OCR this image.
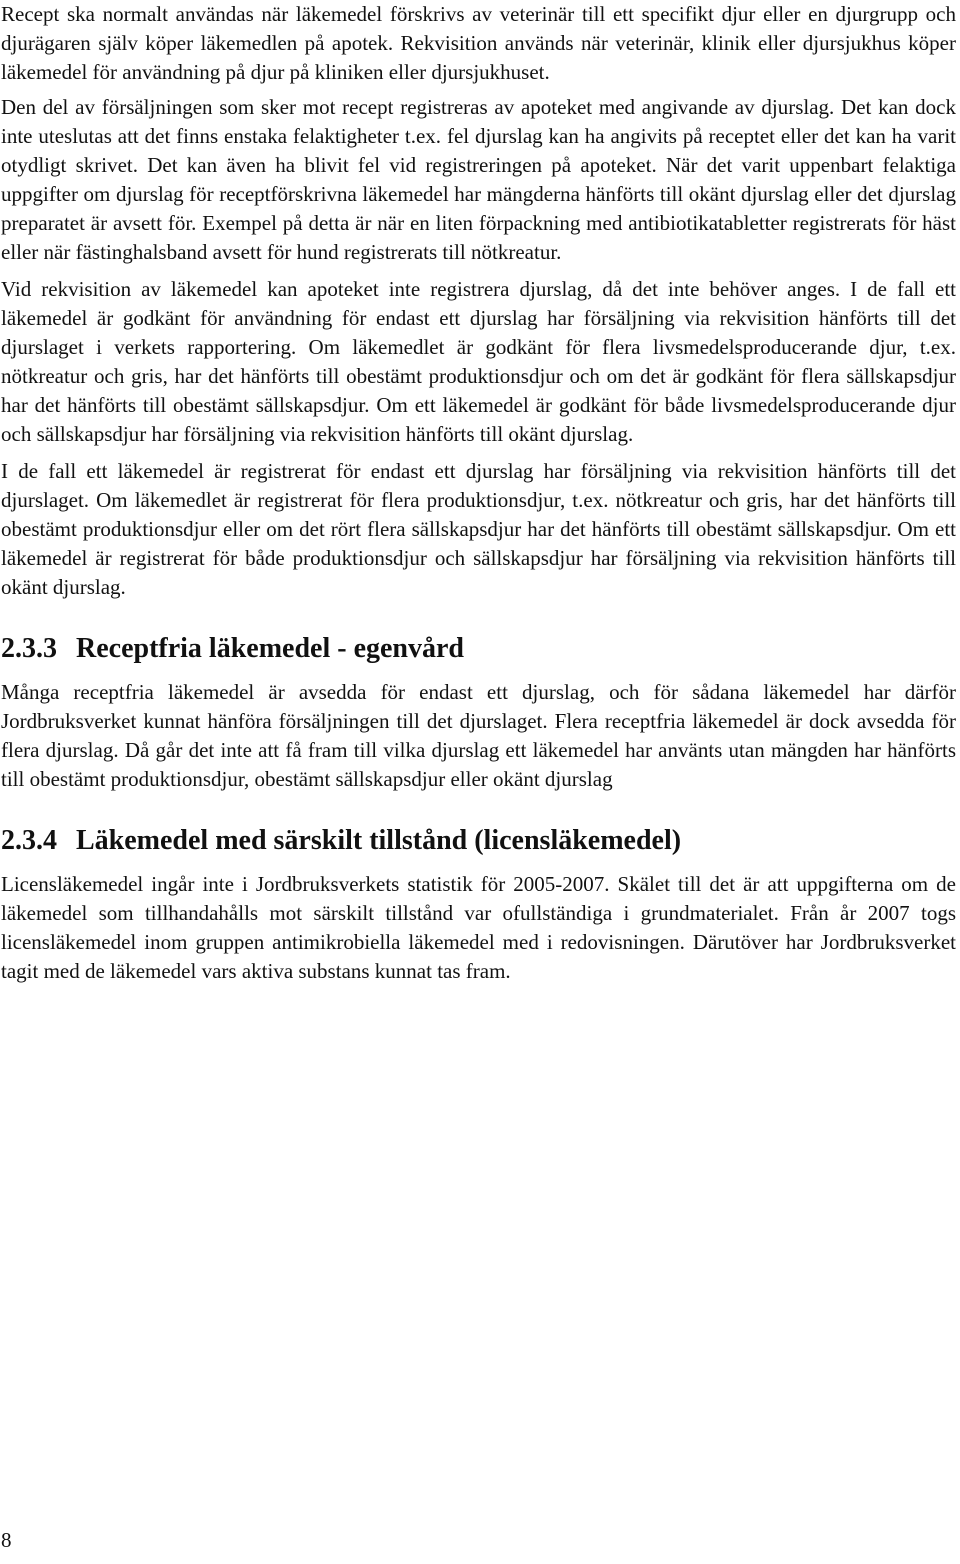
Recept ska normalt användas när läkemedel förskrivs av veterinär till ett specifikt djur eller en djurgrupp och djurägaren själv köper läkemedlen på apotek. Rekvisition används när veterinär, klinik eller djursjukhus köper läkemedel för användning på djur på kliniken eller djursjukhuset.

Den del av försäljningen som sker mot recept registreras av apoteket med angivande av djurslag. Det kan dock inte uteslutas att det finns enstaka felaktigheter t.ex. fel djurslag kan ha angivits på receptet eller det kan ha varit otydligt skrivet. Det kan även ha blivit fel vid registreringen på apoteket. När det varit uppenbart felaktiga uppgifter om djurslag för receptförskrivna läkemedel har mängderna hänförts till okänt djurslag eller det djurslag preparatet är avsett för. Exempel på detta är när en liten förpackning med antibiotikatabletter registrerats för häst eller när fästinghalsband avsett för hund registrerats till nötkreatur.

Vid rekvisition av läkemedel kan apoteket inte registrera djurslag, då det inte behöver anges. I de fall ett läkemedel är godkänt för användning för endast ett djurslag har försäljning via rekvisition hänförts till det djurslaget i verkets rapportering. Om läkemedlet är godkänt för flera livsmedelsproducerande djur, t.ex. nötkreatur och gris, har det hänförts till obestämt produktionsdjur och om det är godkänt för flera sällskapsdjur har det hänförts till obestämt sällskapsdjur. Om ett läkemedel är godkänt för både livsmedelsproducerande djur och sällskapsdjur har försäljning via rekvisition hänförts till okänt djurslag.

I de fall ett läkemedel är registrerat för endast ett djurslag har försäljning via rekvisition hänförts till det djurslaget. Om läkemedlet är registrerat för flera produktionsdjur, t.ex. nötkreatur och gris, har det hänförts till obestämt produktionsdjur eller om det rört flera sällskapsdjur har det hänförts till obestämt sällskapsdjur. Om ett läkemedel är registrerat för både produktionsdjur och sällskapsdjur har försäljning via rekvisition hänförts till okänt djurslag.

2.3.3 Receptfria läkemedel - egenvård

Många receptfria läkemedel är avsedda för endast ett djurslag, och för sådana läkemedel har därför Jordbruksverket kunnat hänföra försäljningen till det djurslaget. Flera receptfria läkemedel är dock avsedda för flera djurslag. Då går det inte att få fram till vilka djurslag ett läkemedel har använts utan mängden har hänförts till obestämt produktionsdjur, obestämt sällskapsdjur eller okänt djurslag

2.3.4 Läkemedel med särskilt tillstånd (licensläkemedel)

Licensläkemedel ingår inte i Jordbruksverkets statistik för 2005-2007. Skälet till det är att uppgifterna om de läkemedel som tillhandahålls mot särskilt tillstånd var ofullständiga i grundmaterialet. Från år 2007 togs licensläkemedel inom gruppen antimikrobiella läkemedel med i redovisningen. Därutöver har Jordbruksverket tagit med de läkemedel vars aktiva substans kunnat tas fram.

8
